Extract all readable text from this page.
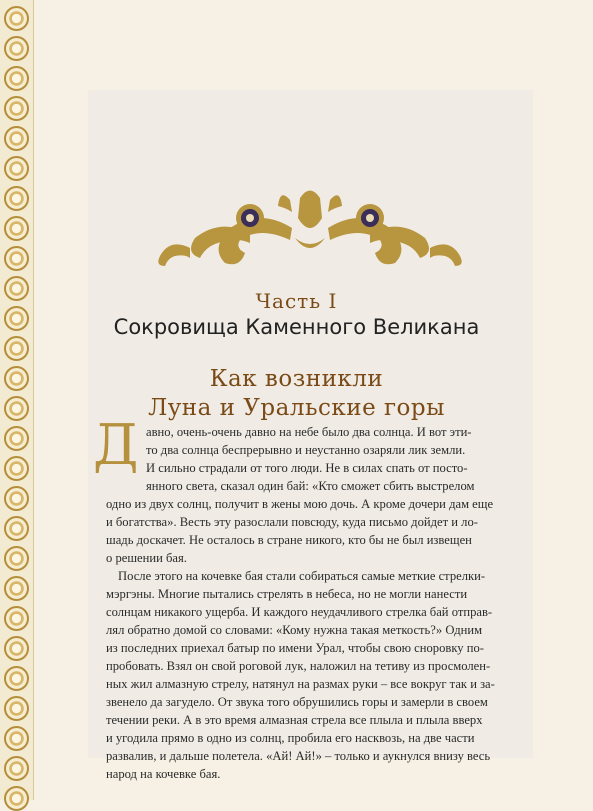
Часть I
Сокровища Каменного Великана
Как возникли
Луна и Уральские горы
Д авно, очень-очень давно на небе было два солнца. И вот эти-
то два солнца беспрерывно и неустанно озаряли лик земли.
И сильно страдали от того люди. Не в силах спать от посто-
янного света, сказал один бай: «Кто сможет сбить выстрелом
одно из двух солнц, получит в жены мою дочь. А кроме дочери дам еще
и богатства». Весть эту разослали повсюду, куда письмо дойдет и ло-
шадь доскачет. Не осталось в стране никого, кто бы не был извещен
о решении бая.
После этого на кочевке бая стали собираться самые меткие стрелки-
мэргэны. Многие пытались стрелять в небеса, но не могли нанести
солнцам никакого ущерба. И каждого неудачливого стрелка бай отправ-
лял обратно домой со словами: «Кому нужна такая меткость?» Одним
из последних приехал батыр по имени Урал, чтобы свою сноровку по-
пробовать. Взял он свой роговой лук, наложил на тетиву из просмолен-
ных жил алмазную стрелу, натянул на размах руки – все вокруг так и за-
звенело да загудело. От звука того обрушились горы и замерли в своем
течении реки. А в это время алмазная стрела все плыла и плыла вверх
и угодила прямо в одно из солнц, пробила его насквозь, на две части
развалив, и дальше полетела. «Ай! Ай!» – только и аукнулся внизу весь
народ на кочевке бая.
